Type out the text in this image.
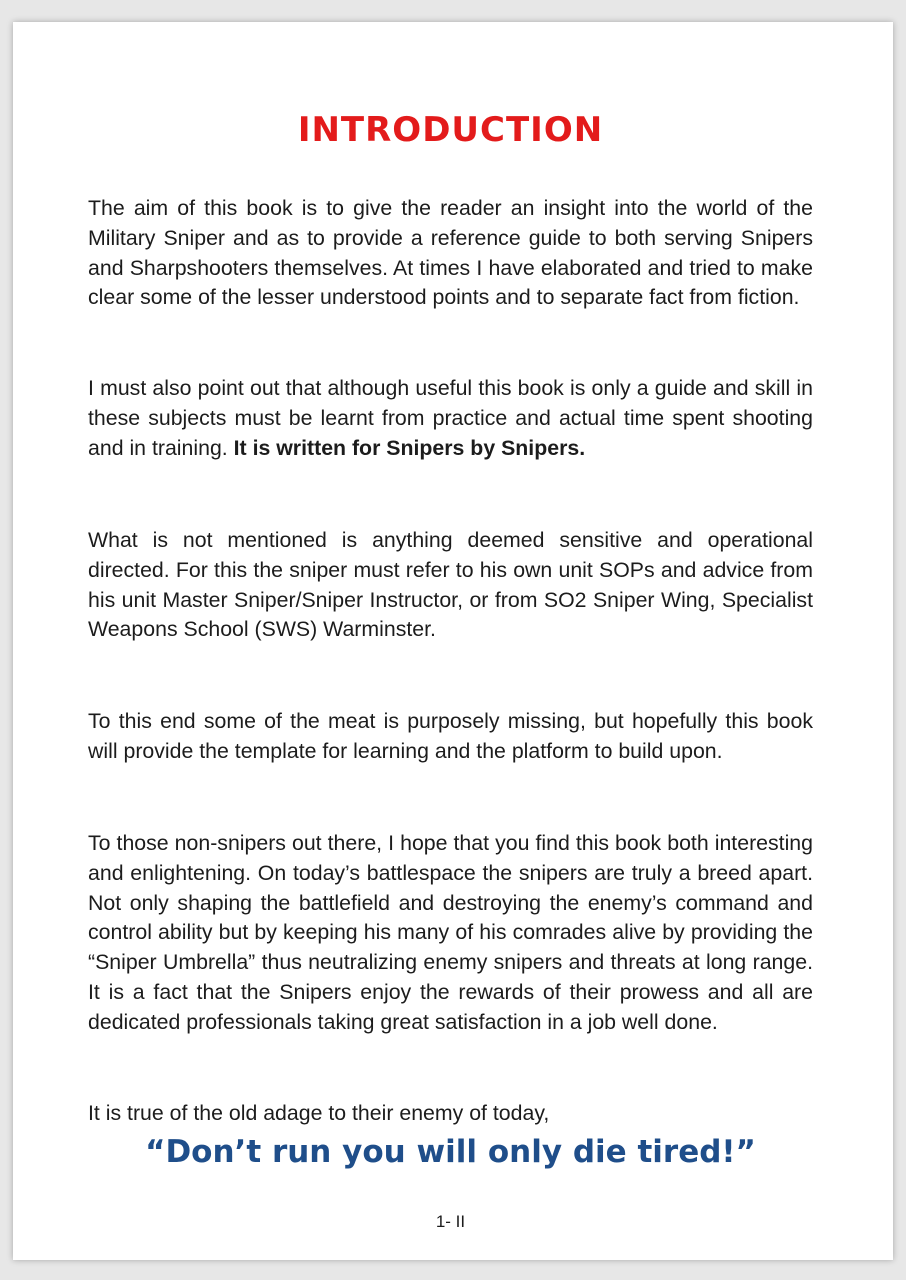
INTRODUCTION

The aim of this book is to give the reader an insight into the world of the Military Sniper and as to provide a reference guide to both serving Snipers and Sharpshooters themselves. At times I have elaborated and tried to make clear some of the lesser understood points and to separate fact from fiction.

I must also point out that although useful this book is only a guide and skill in these subjects must be learnt from practice and actual time spent shooting and in training. It is written for Snipers by Snipers.

What is not mentioned is anything deemed sensitive and operational directed. For this the sniper must refer to his own unit SOPs and advice from his unit Master Sniper/Sniper Instructor, or from SO2 Sniper Wing, Specialist Weapons School (SWS) Warminster.

To this end some of the meat is purposely missing, but hopefully this book will provide the template for learning and the platform to build upon.

To those non-snipers out there, I hope that you find this book both interesting and enlightening. On today’s battlespace the snipers are truly a breed apart. Not only shaping the battlefield and destroying the enemy’s command and control ability but by keeping his many of his comrades alive by providing the “Sniper Umbrella” thus neutralizing enemy snipers and threats at long range. It is a fact that the Snipers enjoy the rewards of their prowess and all are dedicated professionals taking great satisfaction in a job well done.

It is true of the old adage to their enemy of today,

“Don’t run you will only die tired!”

1- II
